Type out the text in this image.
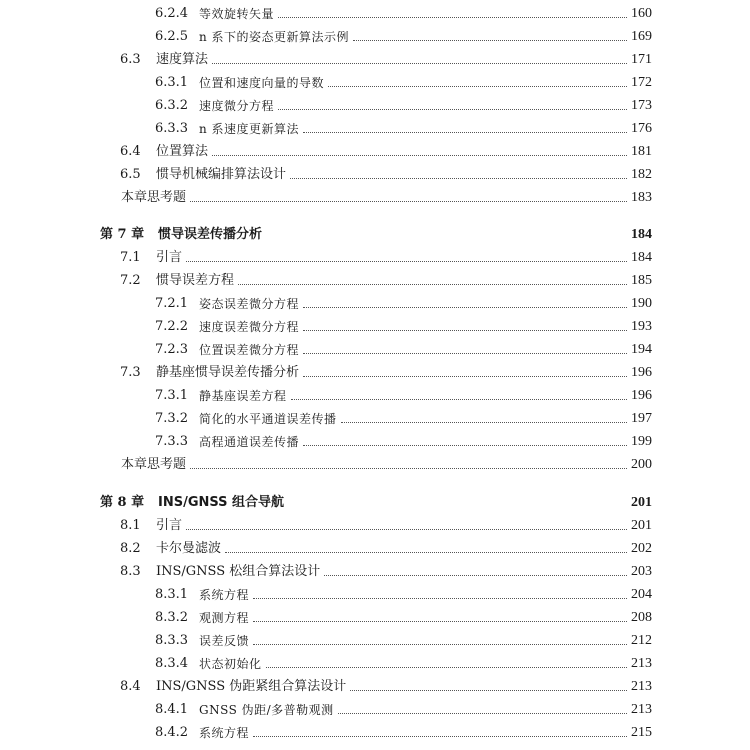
6.2.4 等效旋转矢量	160
6.2.5 n 系下的姿态更新算法示例	169
6.3	速度算法	171
6.3.1 位置和速度向量的导数	172
6.3.2 速度微分方程	173
6.3.3 n 系速度更新算法	176
6.4	位置算法	181
6.5	惯导机械编排算法设计	182
本章思考题	183
第 7 章	惯导误差传播分析	184
7.1	引言	184
7.2	惯导误差方程	185
7.2.1 姿态误差微分方程	190
7.2.2 速度误差微分方程	193
7.2.3 位置误差微分方程	194
7.3	静基座惯导误差传播分析	196
7.3.1 静基座误差方程	196
7.3.2 简化的水平通道误差传播	197
7.3.3 高程通道误差传播	199
本章思考题	200
第 8 章	INS/GNSS 组合导航	201
8.1	引言	201
8.2	卡尔曼滤波	202
8.3	INS/GNSS 松组合算法设计	203
8.3.1 系统方程	204
8.3.2 观测方程	208
8.3.3 误差反馈	212
8.3.4 状态初始化	213
8.4	INS/GNSS 伪距紧组合算法设计	213
8.4.1 GNSS 伪距/多普勒观测	213
8.4.2 系统方程	215
